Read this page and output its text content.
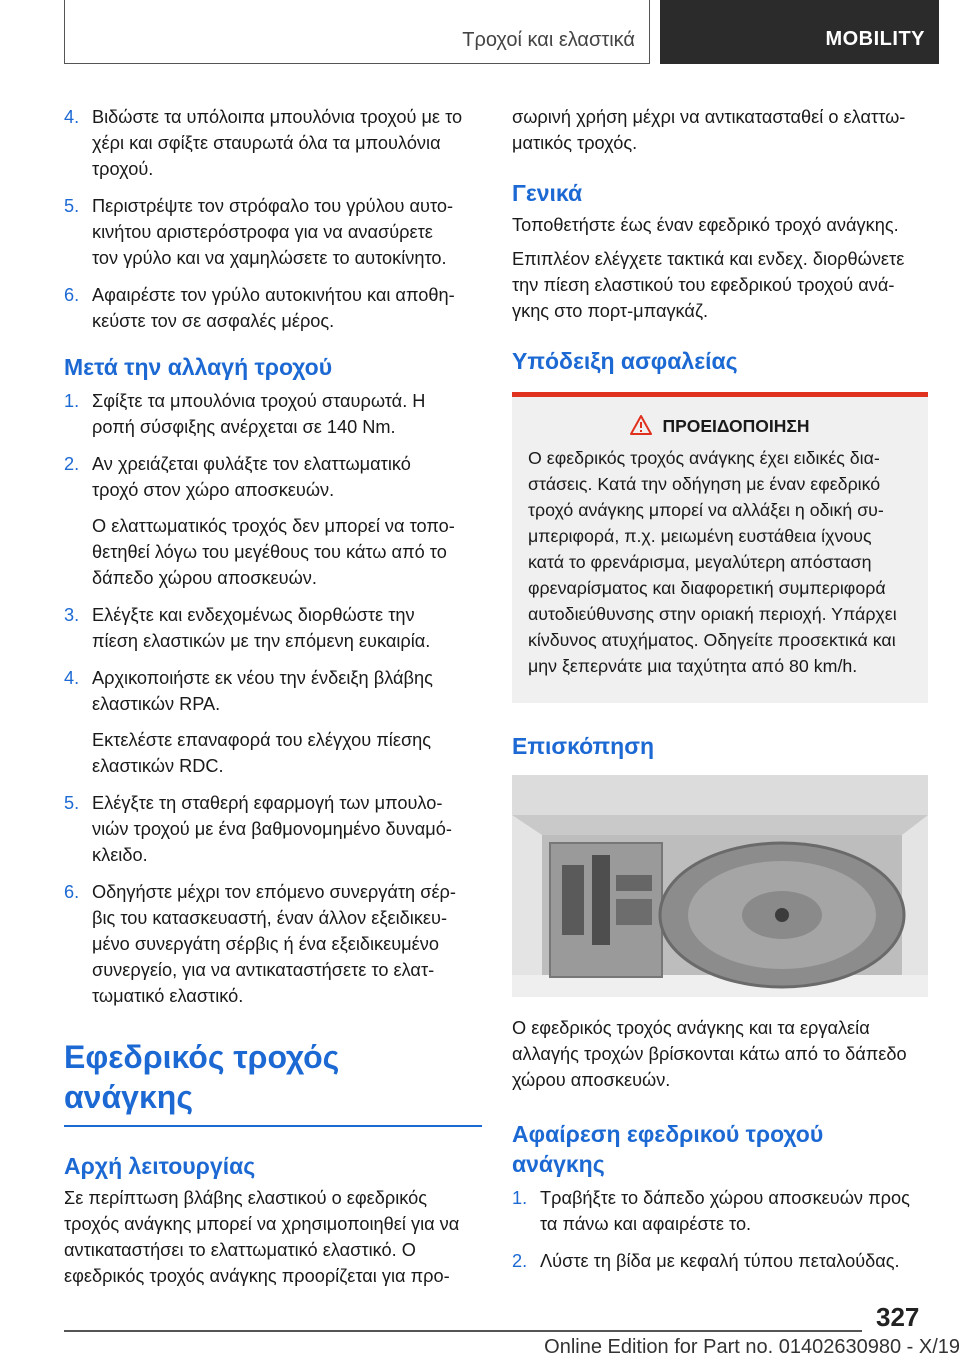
Τροχοί και ελαστικά	MOBILITY
4. Βιδώστε τα υπόλοιπα μπουλόνια τροχού με το
χέρι και σφίξτε σταυρωτά όλα τα μπουλόνια
τροχού.
5. Περιστρέψτε τον στρόφαλο του γρύλου αυτο-
κινήτου αριστερόστροφα για να ανασύρετε
τον γρύλο και να χαμηλώσετε το αυτοκίνητο.
6. Αφαιρέστε τον γρύλο αυτοκινήτου και αποθη-
κεύστε τον σε ασφαλές μέρος.
Μετά την αλλαγή τροχού
1. Σφίξτε τα μπουλόνια τροχού σταυρωτά. Η
ροπή σύσφιξης ανέρχεται σε 140 Nm.
2. Αν χρειάζεται φυλάξτε τον ελαττωματικό
τροχό στον χώρο αποσκευών.
Ο ελαττωματικός τροχός δεν μπορεί να τοπο-
θετηθεί λόγω του μεγέθους του κάτω από το
δάπεδο χώρου αποσκευών.
3. Ελέγξτε και ενδεχομένως διορθώστε την
πίεση ελαστικών με την επόμενη ευκαιρία.
4. Αρχικοποιήστε εκ νέου την ένδειξη βλάβης
ελαστικών RPA.
Εκτελέστε επαναφορά του ελέγχου πίεσης
ελαστικών RDC.
5. Ελέγξτε τη σταθερή εφαρμογή των μπουλο-
νιών τροχού με ένα βαθμονομημένο δυναμό-
κλειδο.
6. Οδηγήστε μέχρι τον επόμενο συνεργάτη σέρ-
βις του κατασκευαστή, έναν άλλον εξειδικευ-
μένο συνεργάτη σέρβις ή ένα εξειδικευμένο
συνεργείο, για να αντικαταστήσετε το ελατ-
τωματικό ελαστικό.
Εφεδρικός τροχός
ανάγκης
Αρχή λειτουργίας
Σε περίπτωση βλάβης ελαστικού ο εφεδρικός
τροχός ανάγκης μπορεί να χρησιμοποιηθεί για να
αντικαταστήσει το ελαττωματικό ελαστικό. Ο
εφεδρικός τροχός ανάγκης προορίζεται για προ-
σωρινή χρήση μέχρι να αντικατασταθεί ο ελαττω-
ματικός τροχός.
Γενικά
Τοποθετήστε έως έναν εφεδρικό τροχό ανάγκης.
Επιπλέον ελέγχετε τακτικά και ενδεχ. διορθώνετε
την πίεση ελαστικού του εφεδρικού τροχού ανά-
γκης στο πορτ-μπαγκάζ.
Υπόδειξη ασφαλείας
ΠΡΟΕΙΔΟΠΟΙΗΣΗ
Ο εφεδρικός τροχός ανάγκης έχει ειδικές δια-
στάσεις. Κατά την οδήγηση με έναν εφεδρικό
τροχό ανάγκης μπορεί να αλλάξει η οδική συ-
μπεριφορά, π.χ. μειωμένη ευστάθεια ίχνους
κατά το φρενάρισμα, μεγαλύτερη απόσταση
φρεναρίσματος και διαφορετική συμπεριφορά
αυτοδιεύθυνσης στην οριακή περιοχή. Υπάρχει
κίνδυνος ατυχήματος. Οδηγείτε προσεκτικά και
μην ξεπερνάτε μια ταχύτητα από 80 km/h.
Επισκόπηση
Ο εφεδρικός τροχός ανάγκης και τα εργαλεία
αλλαγής τροχών βρίσκονται κάτω από το δάπεδο
χώρου αποσκευών.
Αφαίρεση εφεδρικού τροχού
ανάγκης
1. Τραβήξτε το δάπεδο χώρου αποσκευών προς
τα πάνω και αφαιρέστε το.
2. Λύστε τη βίδα με κεφαλή τύπου πεταλούδας.
327
Online Edition for Part no. 01402630980 - X/19
